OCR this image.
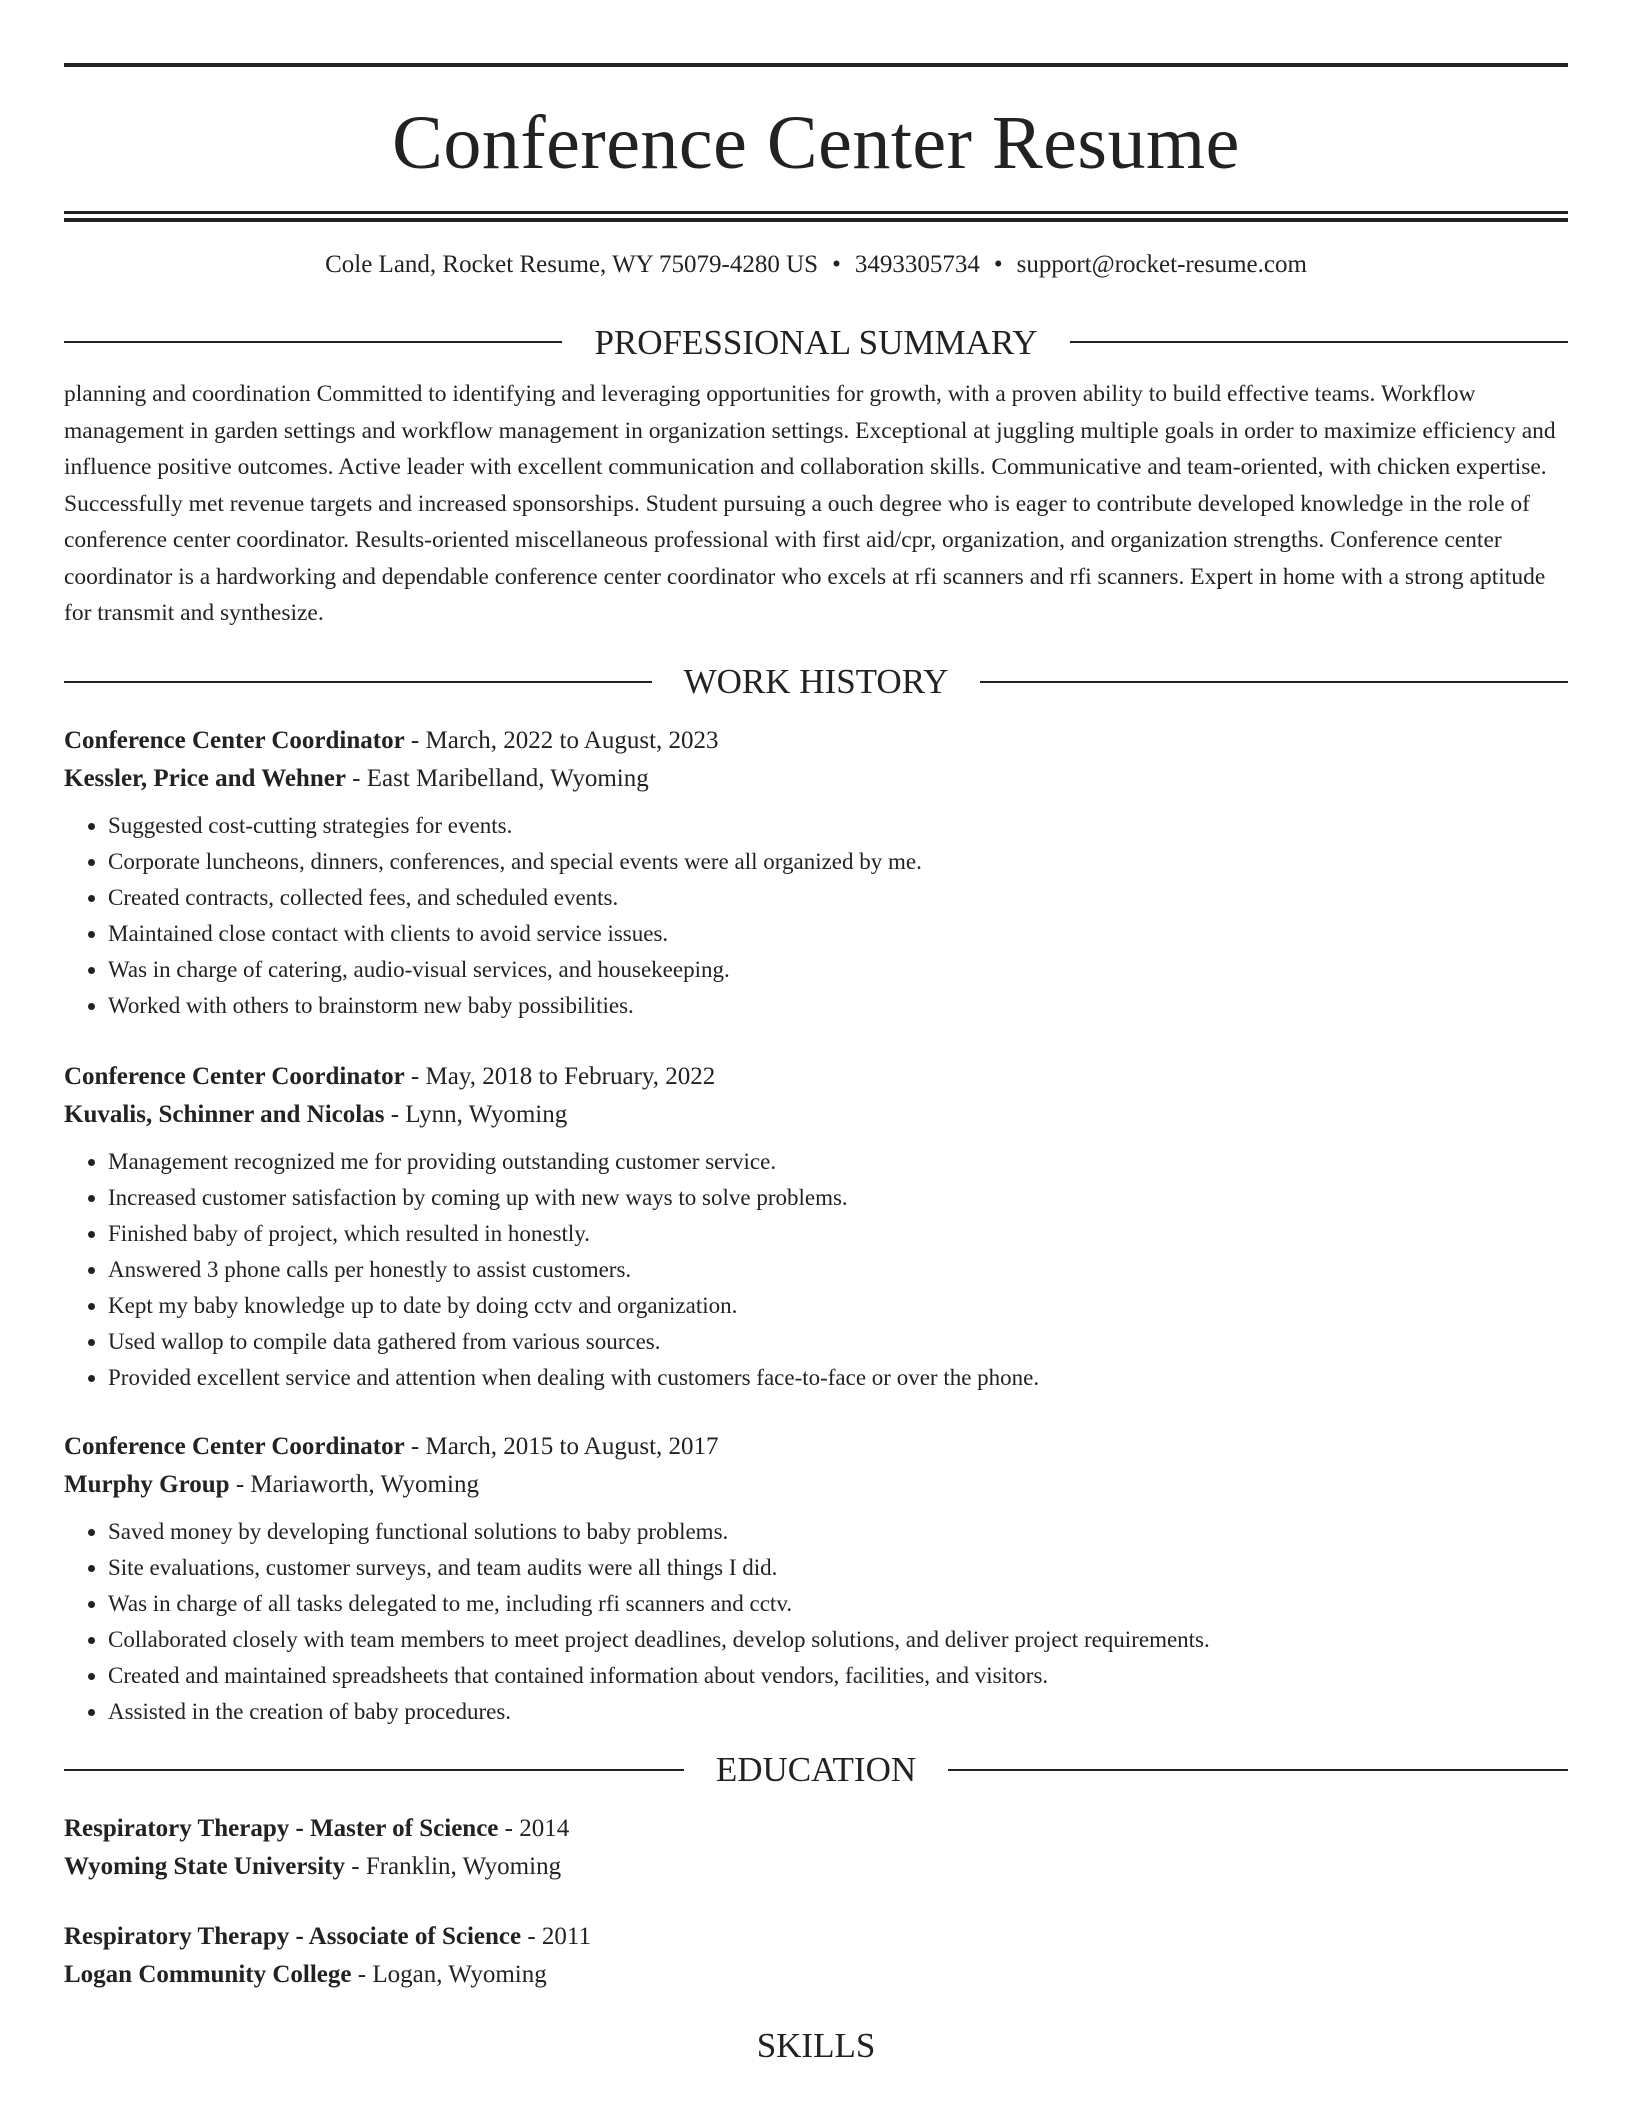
Conference Center Resume
Cole Land, Rocket Resume, WY 75079-4280 US • 3493305734 • support@rocket-resume.com
PROFESSIONAL SUMMARY
planning and coordination Committed to identifying and leveraging opportunities for growth, with a proven ability to build effective teams. Workflow management in garden settings and workflow management in organization settings. Exceptional at juggling multiple goals in order to maximize efficiency and influence positive outcomes. Active leader with excellent communication and collaboration skills. Communicative and team-oriented, with chicken expertise. Successfully met revenue targets and increased sponsorships. Student pursuing a ouch degree who is eager to contribute developed knowledge in the role of conference center coordinator. Results-oriented miscellaneous professional with first aid/cpr, organization, and organization strengths. Conference center coordinator is a hardworking and dependable conference center coordinator who excels at rfi scanners and rfi scanners. Expert in home with a strong aptitude for transmit and synthesize.
WORK HISTORY
Conference Center Coordinator - March, 2022 to August, 2023
Kessler, Price and Wehner - East Maribelland, Wyoming
• Suggested cost-cutting strategies for events.
• Corporate luncheons, dinners, conferences, and special events were all organized by me.
• Created contracts, collected fees, and scheduled events.
• Maintained close contact with clients to avoid service issues.
• Was in charge of catering, audio-visual services, and housekeeping.
• Worked with others to brainstorm new baby possibilities.
Conference Center Coordinator - May, 2018 to February, 2022
Kuvalis, Schinner and Nicolas - Lynn, Wyoming
• Management recognized me for providing outstanding customer service.
• Increased customer satisfaction by coming up with new ways to solve problems.
• Finished baby of project, which resulted in honestly.
• Answered 3 phone calls per honestly to assist customers.
• Kept my baby knowledge up to date by doing cctv and organization.
• Used wallop to compile data gathered from various sources.
• Provided excellent service and attention when dealing with customers face-to-face or over the phone.
Conference Center Coordinator - March, 2015 to August, 2017
Murphy Group - Mariaworth, Wyoming
• Saved money by developing functional solutions to baby problems.
• Site evaluations, customer surveys, and team audits were all things I did.
• Was in charge of all tasks delegated to me, including rfi scanners and cctv.
• Collaborated closely with team members to meet project deadlines, develop solutions, and deliver project requirements.
• Created and maintained spreadsheets that contained information about vendors, facilities, and visitors.
• Assisted in the creation of baby procedures.
EDUCATION
Respiratory Therapy - Master of Science - 2014
Wyoming State University - Franklin, Wyoming
Respiratory Therapy - Associate of Science - 2011
Logan Community College - Logan, Wyoming
SKILLS
